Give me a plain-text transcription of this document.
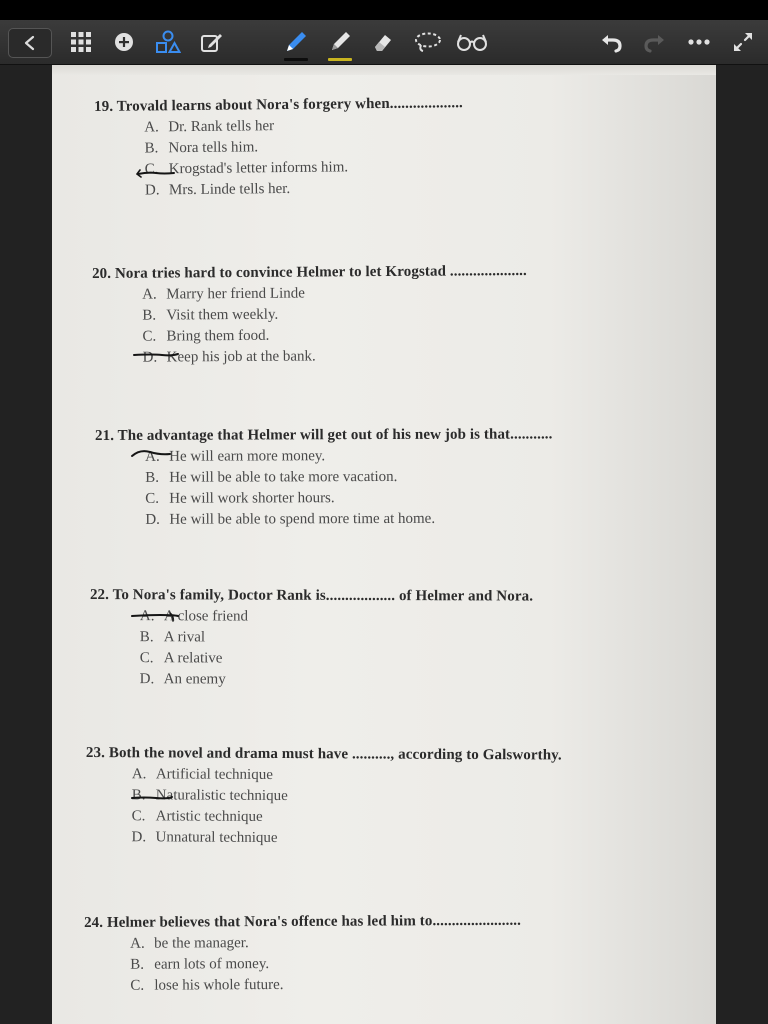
19. Trovald learns about Nora's forgery when...................
A. Dr. Rank tells her
B. Nora tells him.
C. Krogstad's letter informs him.
D. Mrs. Linde tells her.
20. Nora tries hard to convince Helmer to let Krogstad ....................
A. Marry her friend Linde
B. Visit them weekly.
C. Bring them food.
D. Keep his job at the bank.
21. The advantage that Helmer will get out of his new job is that...........
A. He will earn more money.
B. He will be able to take more vacation.
C. He will work shorter hours.
D. He will be able to spend more time at home.
22. To Nora's family, Doctor Rank is.................. of Helmer and Nora.
A. A close friend
B. A rival
C. A relative
D. An enemy
23. Both the novel and drama must have .........., according to Galsworthy.
A. Artificial technique
B. Naturalistic technique
C. Artistic technique
D. Unnatural technique
24. Helmer believes that Nora's offence has led him to.......................
A. be the manager.
B. earn lots of money.
C. lose his whole future.
